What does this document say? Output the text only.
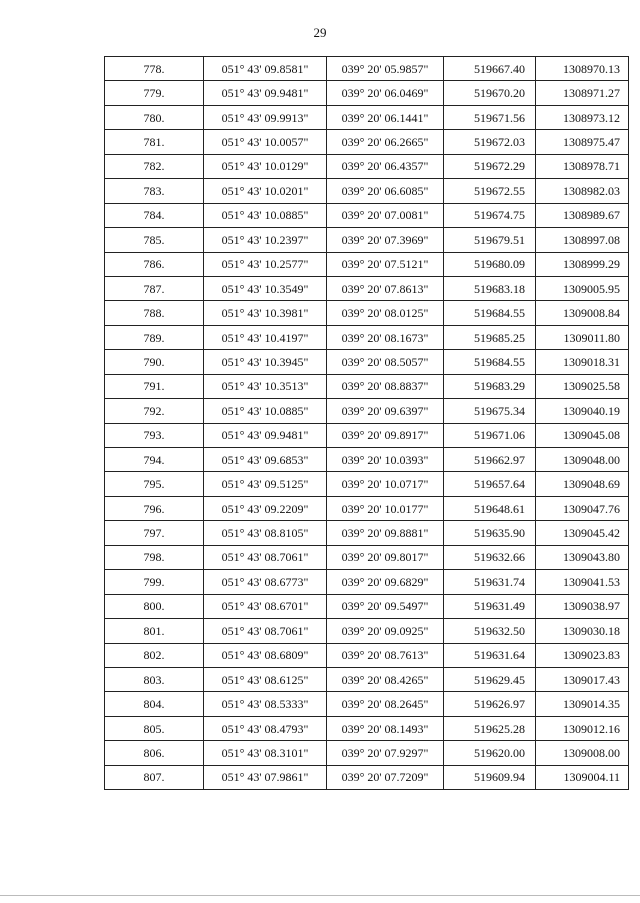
29
778.	051° 43' 09.8581"	039° 20' 05.9857"	519667.40	1308970.13
779.	051° 43' 09.9481"	039° 20' 06.0469"	519670.20	1308971.27
780.	051° 43' 09.9913"	039° 20' 06.1441"	519671.56	1308973.12
781.	051° 43' 10.0057"	039° 20' 06.2665"	519672.03	1308975.47
782.	051° 43' 10.0129"	039° 20' 06.4357"	519672.29	1308978.71
783.	051° 43' 10.0201"	039° 20' 06.6085"	519672.55	1308982.03
784.	051° 43' 10.0885"	039° 20' 07.0081"	519674.75	1308989.67
785.	051° 43' 10.2397"	039° 20' 07.3969"	519679.51	1308997.08
786.	051° 43' 10.2577"	039° 20' 07.5121"	519680.09	1308999.29
787.	051° 43' 10.3549"	039° 20' 07.8613"	519683.18	1309005.95
788.	051° 43' 10.3981"	039° 20' 08.0125"	519684.55	1309008.84
789.	051° 43' 10.4197"	039° 20' 08.1673"	519685.25	1309011.80
790.	051° 43' 10.3945"	039° 20' 08.5057"	519684.55	1309018.31
791.	051° 43' 10.3513"	039° 20' 08.8837"	519683.29	1309025.58
792.	051° 43' 10.0885"	039° 20' 09.6397"	519675.34	1309040.19
793.	051° 43' 09.9481"	039° 20' 09.8917"	519671.06	1309045.08
794.	051° 43' 09.6853"	039° 20' 10.0393"	519662.97	1309048.00
795.	051° 43' 09.5125"	039° 20' 10.0717"	519657.64	1309048.69
796.	051° 43' 09.2209"	039° 20' 10.0177"	519648.61	1309047.76
797.	051° 43' 08.8105"	039° 20' 09.8881"	519635.90	1309045.42
798.	051° 43' 08.7061"	039° 20' 09.8017"	519632.66	1309043.80
799.	051° 43' 08.6773"	039° 20' 09.6829"	519631.74	1309041.53
800.	051° 43' 08.6701"	039° 20' 09.5497"	519631.49	1309038.97
801.	051° 43' 08.7061"	039° 20' 09.0925"	519632.50	1309030.18
802.	051° 43' 08.6809"	039° 20' 08.7613"	519631.64	1309023.83
803.	051° 43' 08.6125"	039° 20' 08.4265"	519629.45	1309017.43
804.	051° 43' 08.5333"	039° 20' 08.2645"	519626.97	1309014.35
805.	051° 43' 08.4793"	039° 20' 08.1493"	519625.28	1309012.16
806.	051° 43' 08.3101"	039° 20' 07.9297"	519620.00	1309008.00
807.	051° 43' 07.9861"	039° 20' 07.7209"	519609.94	1309004.11
